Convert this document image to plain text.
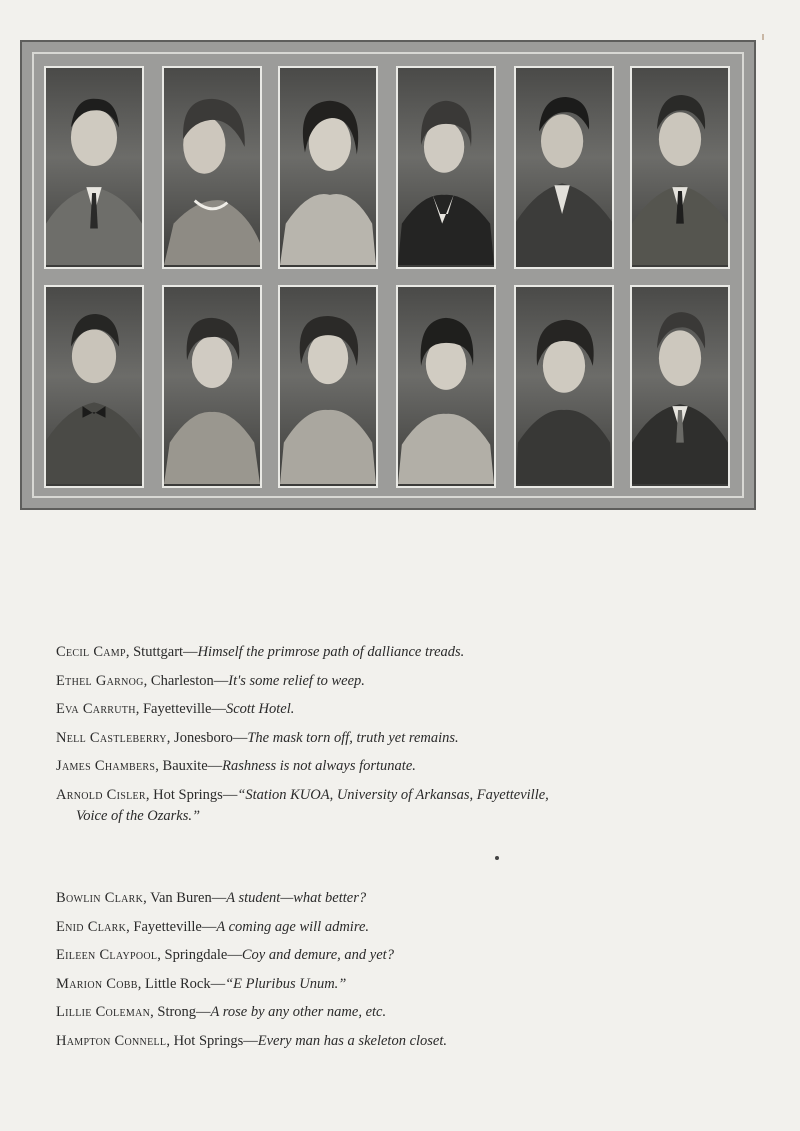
Cecil Camp, Stuttgart—Himself the primrose path of dalliance treads.
Ethel Garnog, Charleston—It's some relief to weep.
Eva Carruth, Fayetteville—Scott Hotel.
Nell Castleberry, Jonesboro—The mask torn off, truth yet remains.
James Chambers, Bauxite—Rashness is not always fortunate.
Arnold Cisler, Hot Springs—“Station KUOA, University of Arkansas, Fayetteville,
Voice of the Ozarks.”
Bowlin Clark, Van Buren—A student—what better?
Enid Clark, Fayetteville—A coming age will admire.
Eileen Claypool, Springdale—Coy and demure, and yet?
Marion Cobb, Little Rock—“E Pluribus Unum.”
Lillie Coleman, Strong—A rose by any other name, etc.
Hampton Connell, Hot Springs—Every man has a skeleton closet.
